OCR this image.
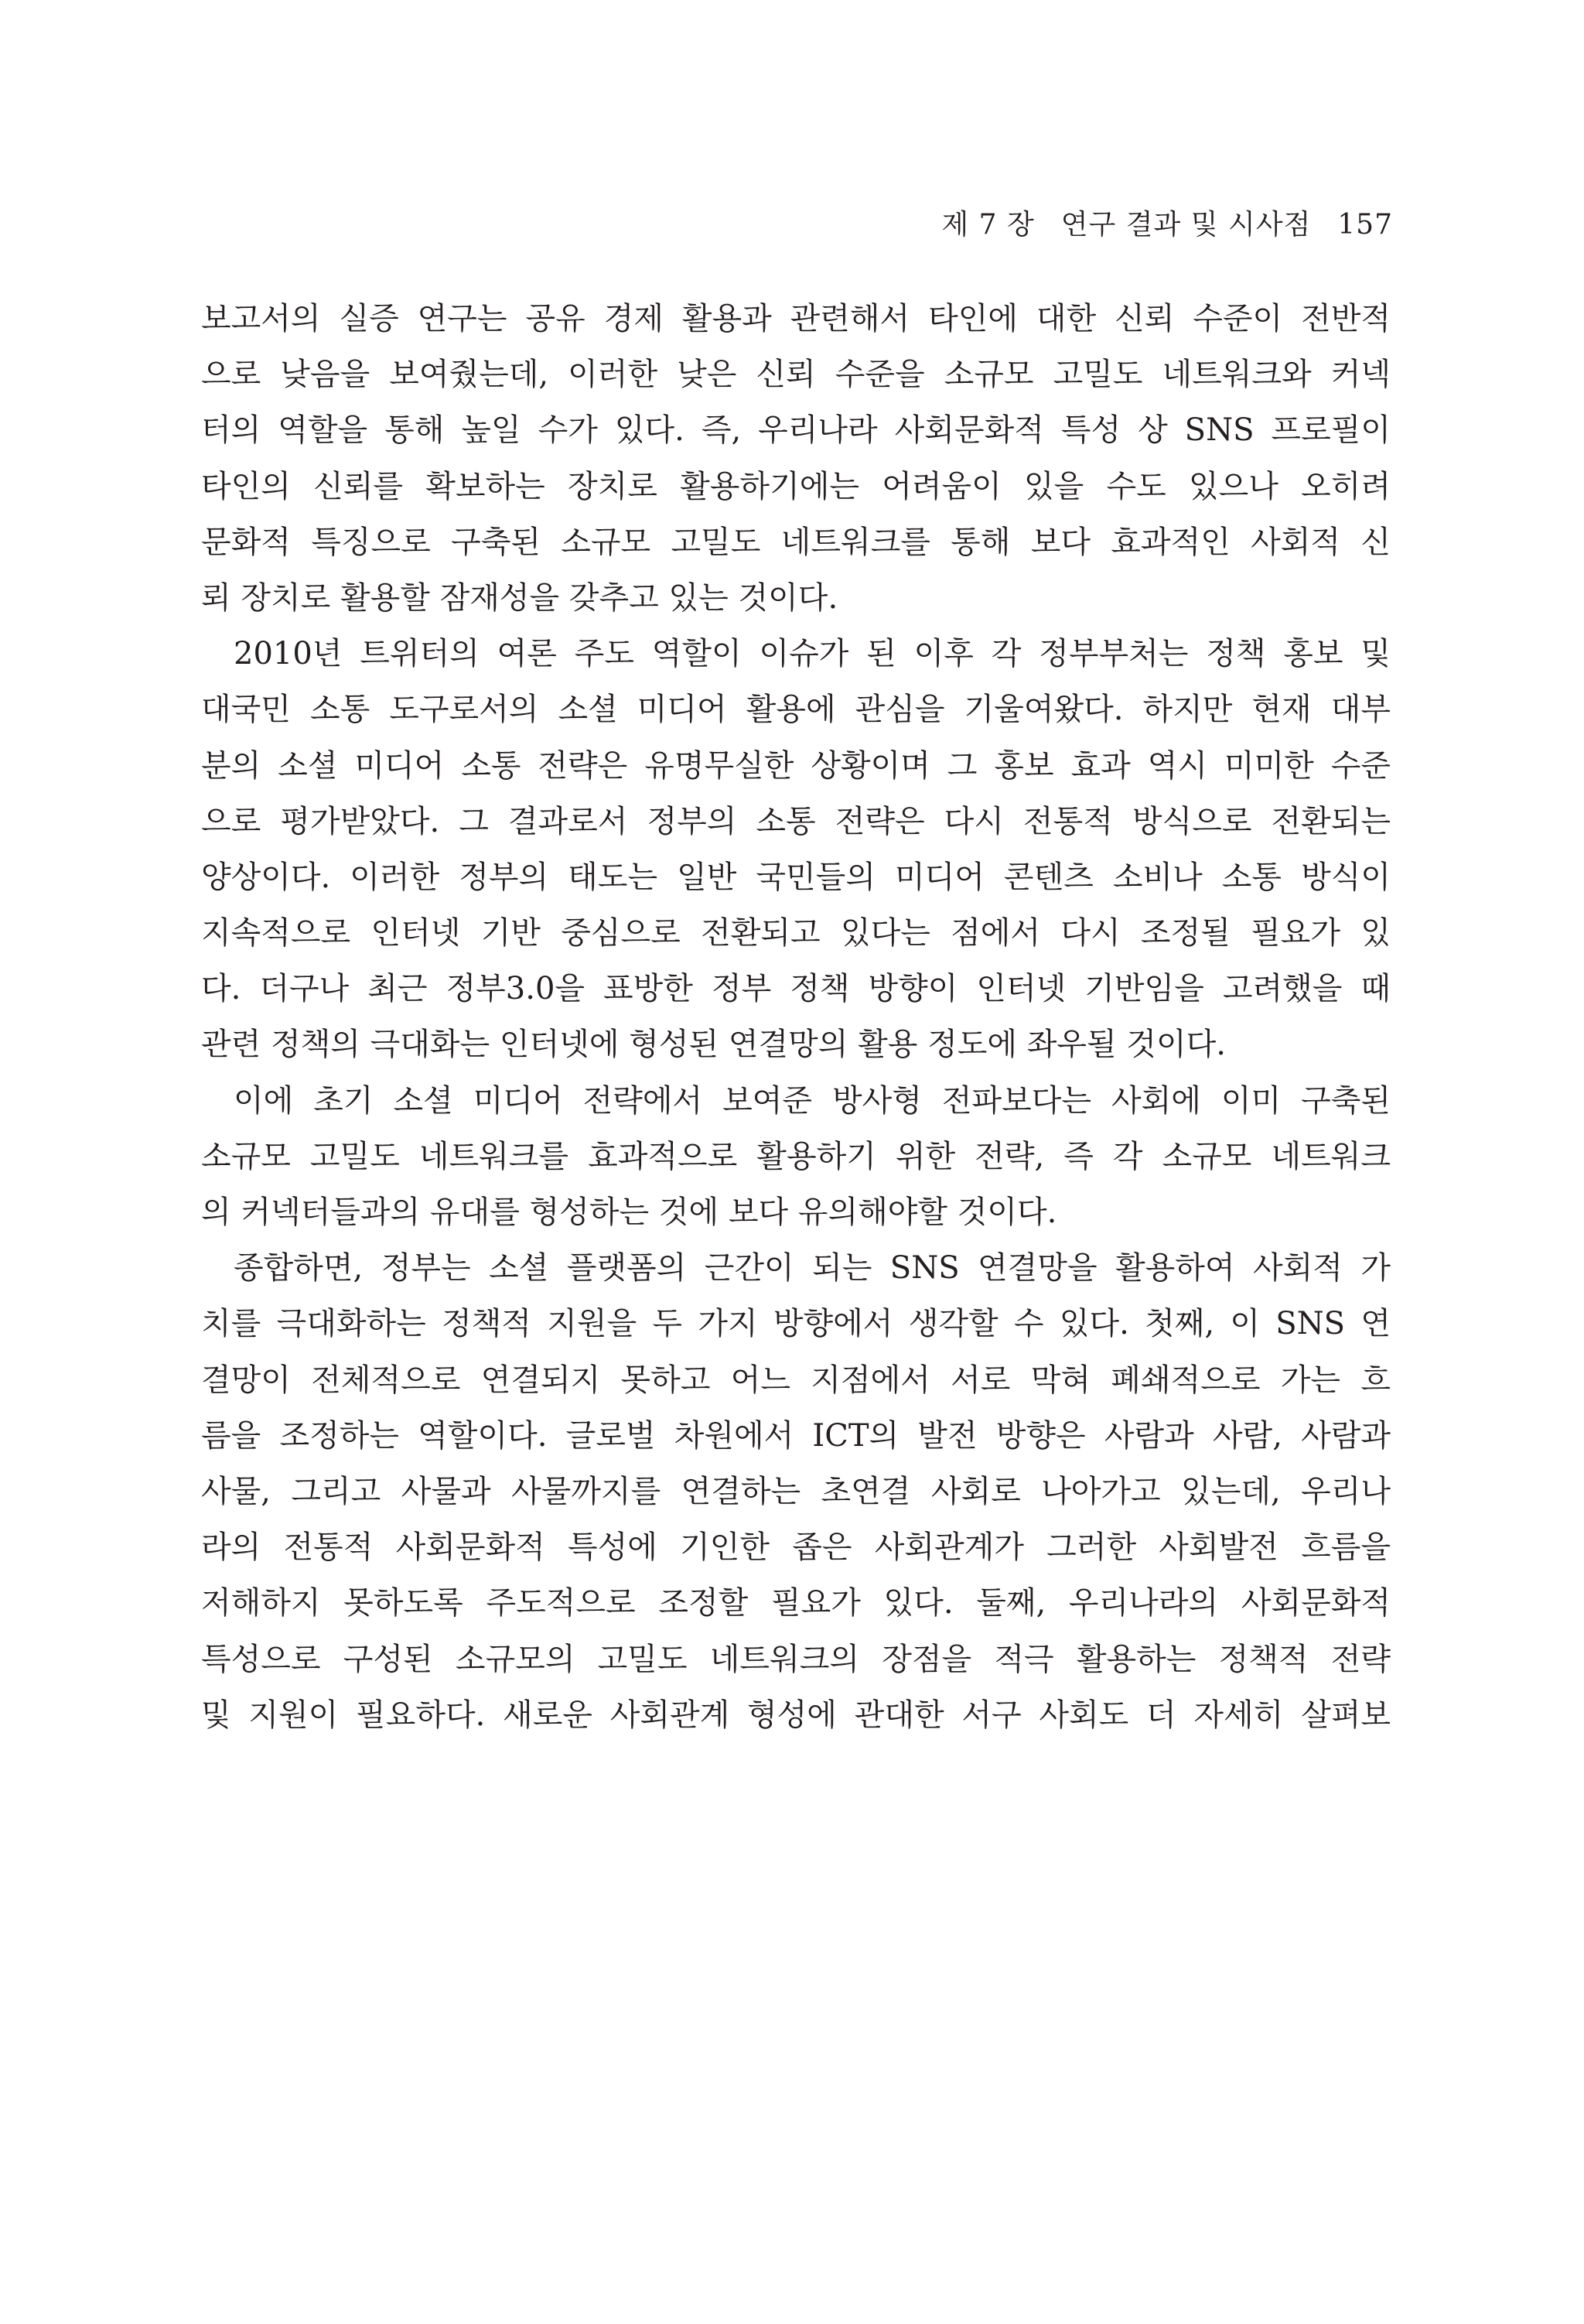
제 7 장 연구 결과 및 시사점 157
보고서의 실증 연구는 공유 경제 활용과 관련해서 타인에 대한 신뢰 수준이 전반적
으로 낮음을 보여줬는데, 이러한 낮은 신뢰 수준을 소규모 고밀도 네트워크와 커넥
터의 역할을 통해 높일 수가 있다. 즉, 우리나라 사회문화적 특성 상 SNS 프로필이
타인의 신뢰를 확보하는 장치로 활용하기에는 어려움이 있을 수도 있으나 오히려
문화적 특징으로 구축된 소규모 고밀도 네트워크를 통해 보다 효과적인 사회적 신
뢰 장치로 활용할 잠재성을 갖추고 있는 것이다.
2010년 트위터의 여론 주도 역할이 이슈가 된 이후 각 정부부처는 정책 홍보 및
대국민 소통 도구로서의 소셜 미디어 활용에 관심을 기울여왔다. 하지만 현재 대부
분의 소셜 미디어 소통 전략은 유명무실한 상황이며 그 홍보 효과 역시 미미한 수준
으로 평가받았다. 그 결과로서 정부의 소통 전략은 다시 전통적 방식으로 전환되는
양상이다. 이러한 정부의 태도는 일반 국민들의 미디어 콘텐츠 소비나 소통 방식이
지속적으로 인터넷 기반 중심으로 전환되고 있다는 점에서 다시 조정될 필요가 있
다. 더구나 최근 정부3.0을 표방한 정부 정책 방향이 인터넷 기반임을 고려했을 때
관련 정책의 극대화는 인터넷에 형성된 연결망의 활용 정도에 좌우될 것이다.
이에 초기 소셜 미디어 전략에서 보여준 방사형 전파보다는 사회에 이미 구축된
소규모 고밀도 네트워크를 효과적으로 활용하기 위한 전략, 즉 각 소규모 네트워크
의 커넥터들과의 유대를 형성하는 것에 보다 유의해야할 것이다.
종합하면, 정부는 소셜 플랫폼의 근간이 되는 SNS 연결망을 활용하여 사회적 가
치를 극대화하는 정책적 지원을 두 가지 방향에서 생각할 수 있다. 첫째, 이 SNS 연
결망이 전체적으로 연결되지 못하고 어느 지점에서 서로 막혀 폐쇄적으로 가는 흐
름을 조정하는 역할이다. 글로벌 차원에서 ICT의 발전 방향은 사람과 사람, 사람과
사물, 그리고 사물과 사물까지를 연결하는 초연결 사회로 나아가고 있는데, 우리나
라의 전통적 사회문화적 특성에 기인한 좁은 사회관계가 그러한 사회발전 흐름을
저해하지 못하도록 주도적으로 조정할 필요가 있다. 둘째, 우리나라의 사회문화적
특성으로 구성된 소규모의 고밀도 네트워크의 장점을 적극 활용하는 정책적 전략
및 지원이 필요하다. 새로운 사회관계 형성에 관대한 서구 사회도 더 자세히 살펴보
